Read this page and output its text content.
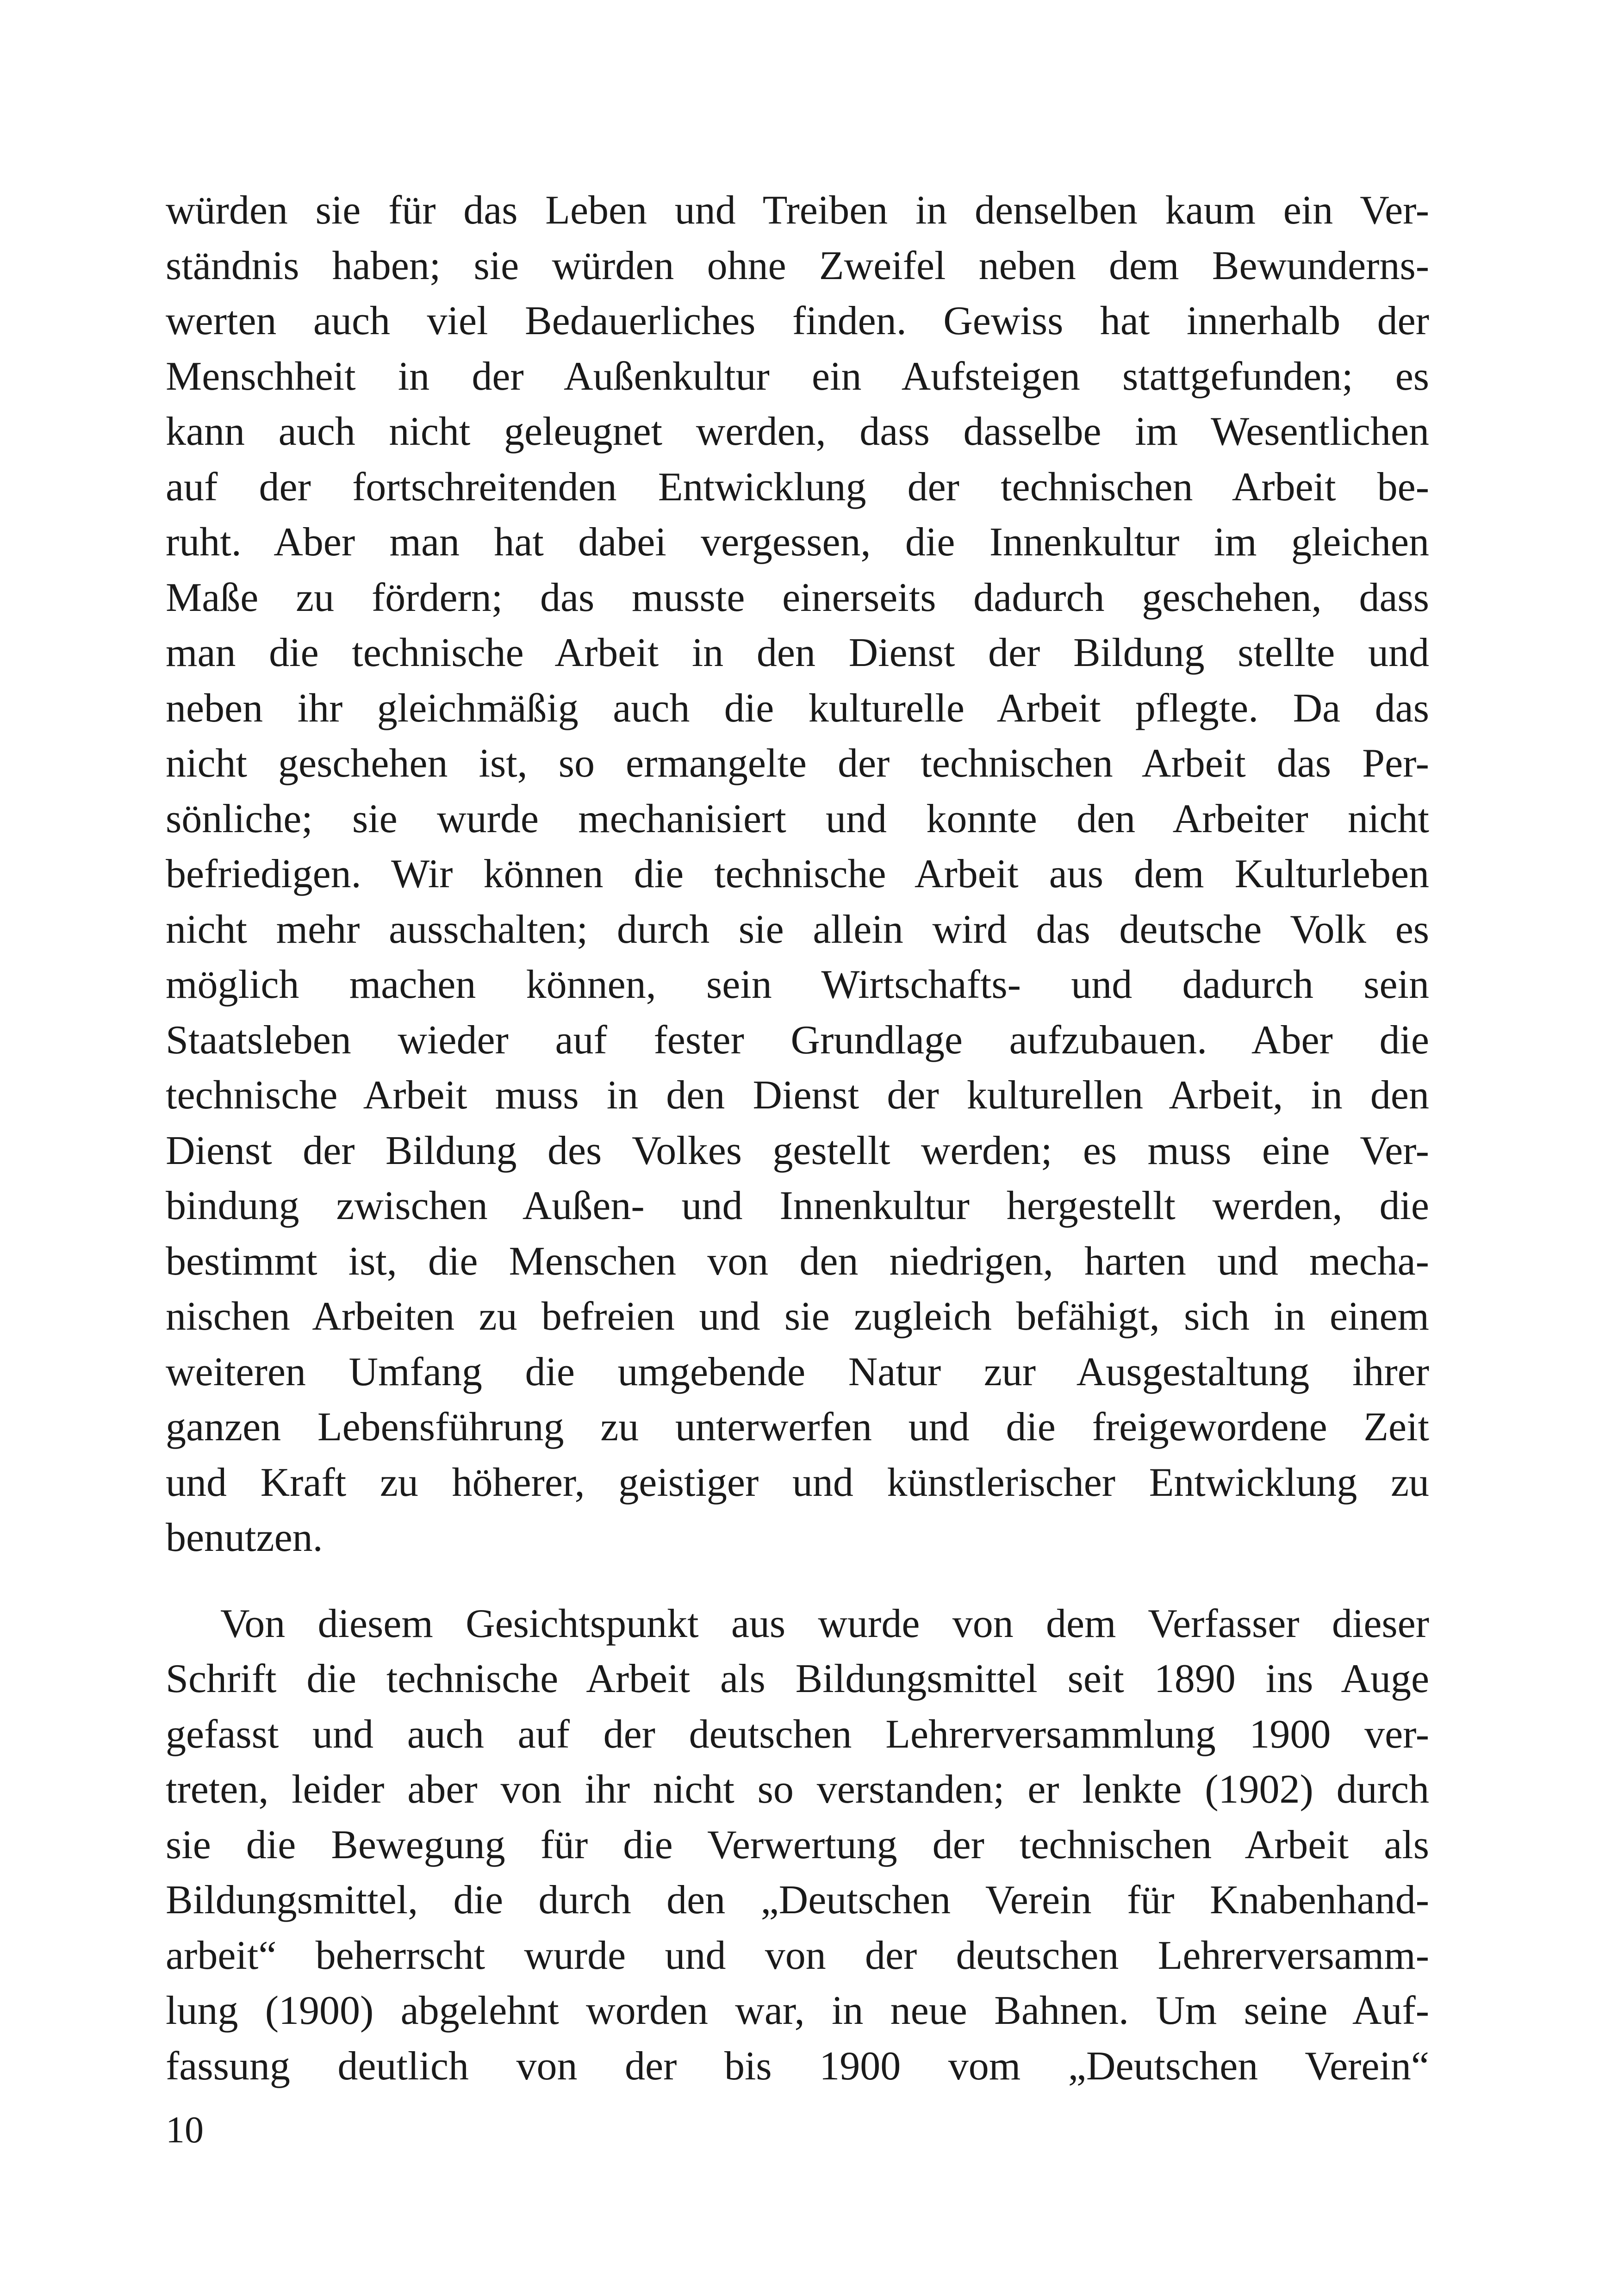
würden sie für das Leben und Treiben in denselben kaum ein Ver-
ständnis haben; sie würden ohne Zweifel neben dem Bewunderns-
werten auch viel Bedauerliches finden. Gewiss hat innerhalb der
Menschheit in der Außenkultur ein Aufsteigen stattgefunden; es
kann auch nicht geleugnet werden, dass dasselbe im Wesentlichen
auf der fortschreitenden Entwicklung der technischen Arbeit be-
ruht. Aber man hat dabei vergessen, die Innenkultur im gleichen
Maße zu fördern; das musste einerseits dadurch geschehen, dass
man die technische Arbeit in den Dienst der Bildung stellte und
neben ihr gleichmäßig auch die kulturelle Arbeit pflegte. Da das
nicht geschehen ist, so ermangelte der technischen Arbeit das Per-
sönliche; sie wurde mechanisiert und konnte den Arbeiter nicht
befriedigen. Wir können die technische Arbeit aus dem Kulturleben
nicht mehr ausschalten; durch sie allein wird das deutsche Volk es
möglich machen können, sein Wirtschafts- und dadurch sein
Staatsleben wieder auf fester Grundlage aufzubauen. Aber die
technische Arbeit muss in den Dienst der kulturellen Arbeit, in den
Dienst der Bildung des Volkes gestellt werden; es muss eine Ver-
bindung zwischen Außen- und Innenkultur hergestellt werden, die
bestimmt ist, die Menschen von den niedrigen, harten und mecha-
nischen Arbeiten zu befreien und sie zugleich befähigt, sich in einem
weiteren Umfang die umgebende Natur zur Ausgestaltung ihrer
ganzen Lebensführung zu unterwerfen und die freigewordene Zeit
und Kraft zu höherer, geistiger und künstlerischer Entwicklung zu
benutzen.
Von diesem Gesichtspunkt aus wurde von dem Verfasser dieser
Schrift die technische Arbeit als Bildungsmittel seit 1890 ins Auge
gefasst und auch auf der deutschen Lehrerversammlung 1900 ver-
treten, leider aber von ihr nicht so verstanden; er lenkte (1902) durch
sie die Bewegung für die Verwertung der technischen Arbeit als
Bildungsmittel, die durch den „Deutschen Verein für Knabenhand-
arbeit“ beherrscht wurde und von der deutschen Lehrerversamm-
lung (1900) abgelehnt worden war, in neue Bahnen. Um seine Auf-
fassung deutlich von der bis 1900 vom „Deutschen Verein“
10
